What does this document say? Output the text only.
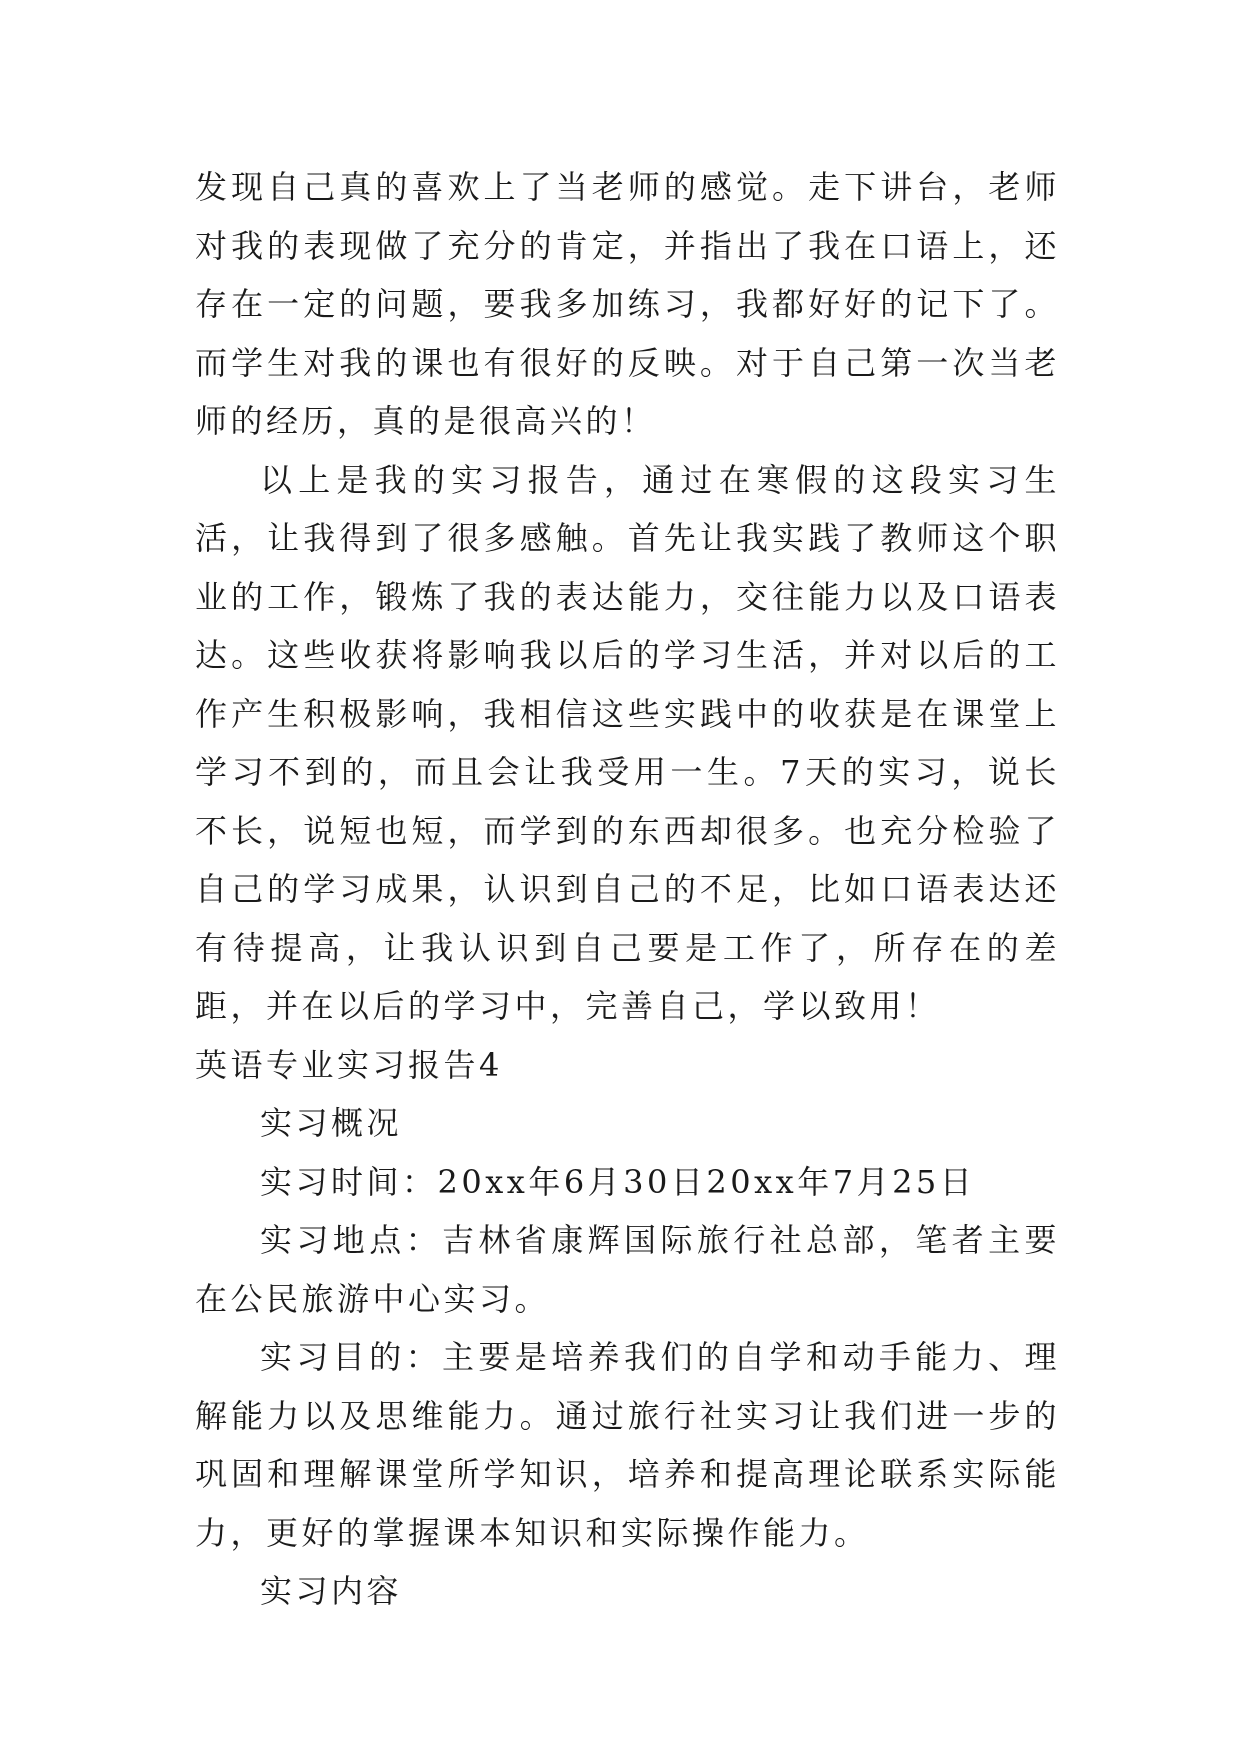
发现自己真的喜欢上了当老师的感觉。走下讲台，老师对我的表现做了充分的肯定，并指出了我在口语上，还存在一定的问题，要我多加练习，我都好好的记下了。而学生对我的课也有很好的反映。对于自己第一次当老师的经历，真的是很高兴的！

以上是我的实习报告，通过在寒假的这段实习生活，让我得到了很多感触。首先让我实践了教师这个职业的工作，锻炼了我的表达能力，交往能力以及口语表达。这些收获将影响我以后的学习生活，并对以后的工作产生积极影响，我相信这些实践中的收获是在课堂上学习不到的，而且会让我受用一生。7天的实习，说长不长，说短也短，而学到的东西却很多。也充分检验了自己的学习成果，认识到自己的不足，比如口语表达还有待提高，让我认识到自己要是工作了，所存在的差距，并在以后的学习中，完善自己，学以致用！

英语专业实习报告4

实习概况

实习时间：20xx年6月30日20xx年7月25日

实习地点：吉林省康辉国际旅行社总部，笔者主要在公民旅游中心实习。

实习目的：主要是培养我们的自学和动手能力、理解能力以及思维能力。通过旅行社实习让我们进一步的巩固和理解课堂所学知识，培养和提高理论联系实际能力，更好的掌握课本知识和实际操作能力。

实习内容
